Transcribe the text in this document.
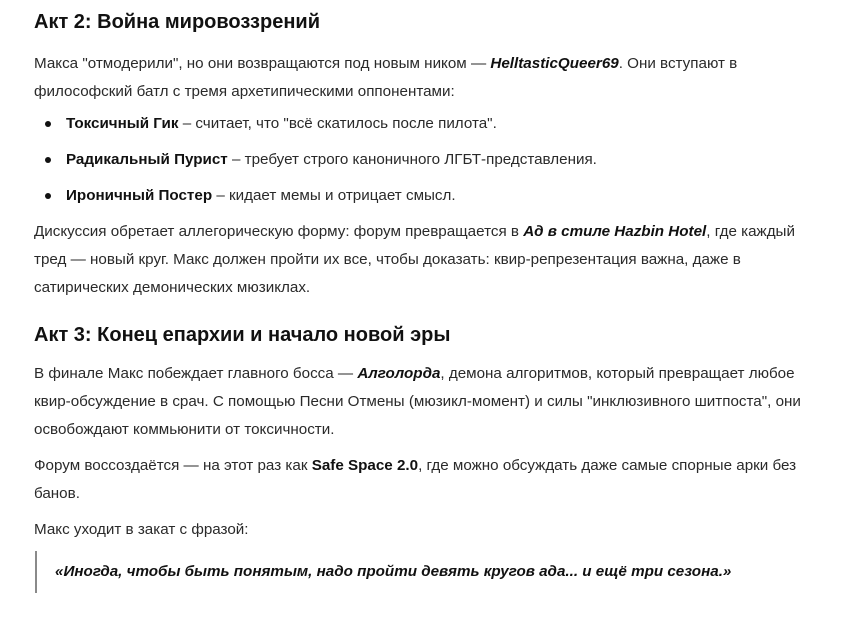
Акт 2: Война мировоззрений

Макса "отмодерили", но они возвращаются под новым ником — HelltasticQueer69. Они вступают в философский батл с тремя архетипическими оппонентами:

Токсичный Гик – считает, что "всё скатилось после пилота".
Радикальный Пурист – требует строго каноничного ЛГБТ-представления.
Ироничный Постер – кидает мемы и отрицает смысл.

Дискуссия обретает аллегорическую форму: форум превращается в Ад в стиле Hazbin Hotel, где каждый тред — новый круг. Макс должен пройти их все, чтобы доказать: квир-репрезентация важна, даже в сатирических демонических мюзиклах.

Акт 3: Конец епархии и начало новой эры

В финале Макс побеждает главного босса — Алголорда, демона алгоритмов, который превращает любое квир-обсуждение в срач. С помощью Песни Отмены (мюзикл-момент) и силы "инклюзивного шитпоста", они освобождают коммьюнити от токсичности.

Форум воссоздаётся — на этот раз как Safe Space 2.0, где можно обсуждать даже самые спорные арки без банов.

Макс уходит в закат с фразой:

«Иногда, чтобы быть понятым, надо пройти девять кругов ада... и ещё три сезона.»
